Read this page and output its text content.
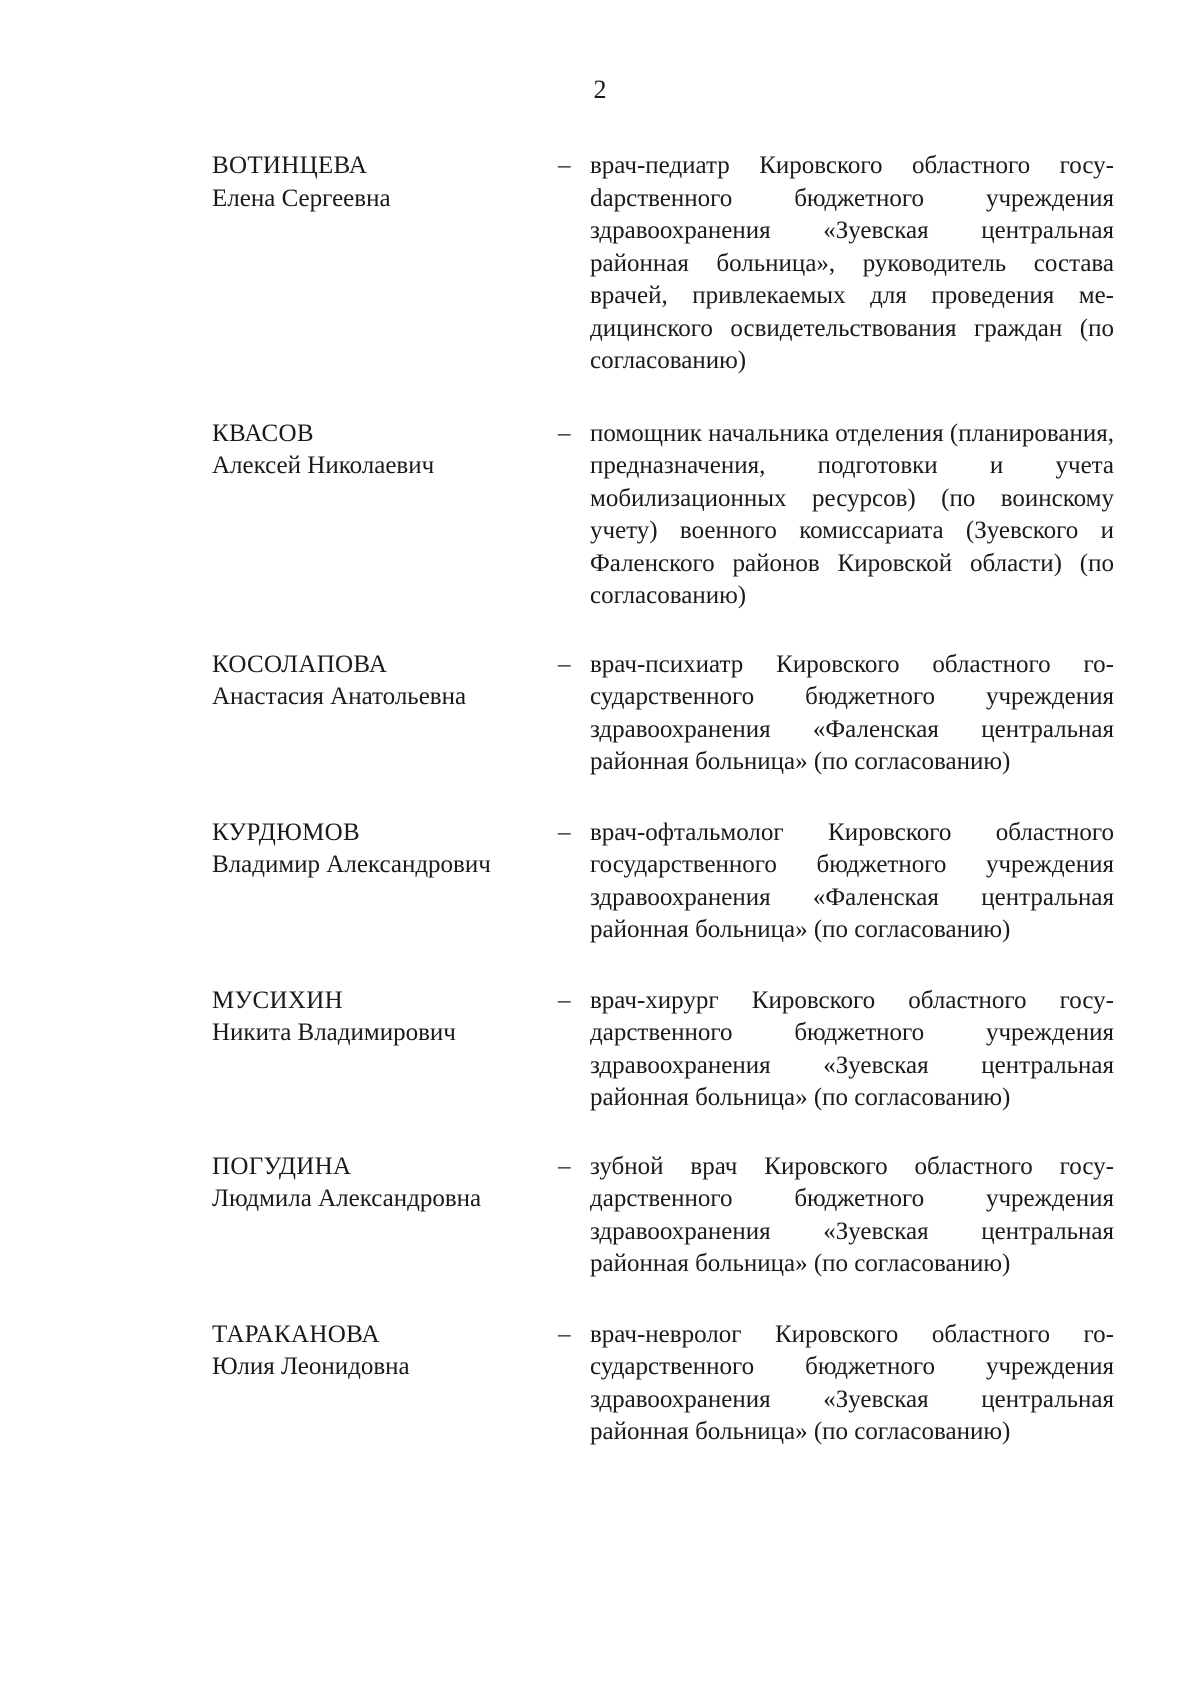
2
ВОТИНЦЕВА
Елена Сергеевна
– врач-педиатр Кировского областного госуdарственного бюджетного учреждения здравоохранения «Зуевская центральная районная больница», руководитель состава врачей, привлекаемых для проведения медицинского освидетельствования граждан (по согласованию)
КВАСОВ
Алексей Николаевич
– помощник начальника отделения (планирования, предназначения, подготовки и учета мобилизационных ресурсов) (по воинскому учету) военного комиссариата (Зуевского и Фаленского районов Кировской области) (по согласованию)
КОСОЛАПОВА
Анастасия Анатольевна
– врач-психиатр Кировского областного государственного бюджетного учреждения здравоохранения «Фаленская центральная районная больница» (по согласованию)
КУРДЮМОВ
Владимир Александрович
– врач-офтальмолог Кировского областного государственного бюджетного учреждения здравоохранения «Фаленская центральная районная больница» (по согласованию)
МУСИХИН
Никита Владимирович
– врач-хирург Кировского областного государственного бюджетного учреждения здравоохранения «Зуевская центральная районная больница» (по согласованию)
ПОГУДИНА
Людмила Александровна
– зубной врач Кировского областного государственного бюджетного учреждения здравоохранения «Зуевская центральная районная больница» (по согласованию)
ТАРАКАНОВА
Юлия Леонидовна
– врач-невролог Кировского областного государственного бюджетного учреждения здравоохранения «Зуевская центральная районная больница» (по согласованию)
